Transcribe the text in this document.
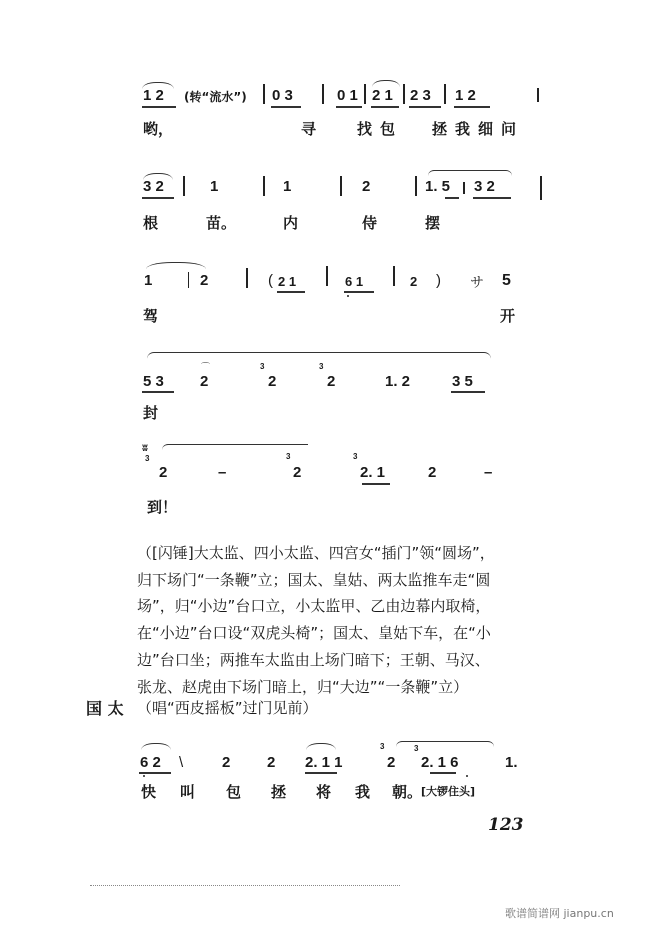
1 2 (转“流水”) 0 3	0 1 2 1 2 3 1 2
哟，	寻	找包 拯我细问
3 2	1	1	2	1. 5 3 2
根	苗。	内	侍	摆
1	2	( 2 1	6 1	2 ) サ 5
驾	开
5 3
⌒
2
3
2
3
2	1. 2	3 5
封
ʬ
3
2	–
3
2
3
2. 1	2	–
到！
（[闪锤]大太监、四小太监、四宫女“插门”领“圆场”，
归下场门“一条鞭”立；国太、皇姑、两太监推车走“圆
场”，归“小边”台口立，小太监甲、乙由边幕内取椅，
在“小边”台口设“双虎头椅”；国太、皇姑下车，在“小
边”台口坐；两推车太监由上场门暗下；王朝、马汉、
张龙、赵虎由下场门暗上，归“大边”“一条鞭”立）
国 太 （唱“西皮摇板”过门见前）
6 2 \	2 2 2. 1 1
3
2
3
2. 1 6	1.
快 叫 包 拯 将 我 朝。
[大锣住头]
123
歌谱简谱网 jianpu.cn
